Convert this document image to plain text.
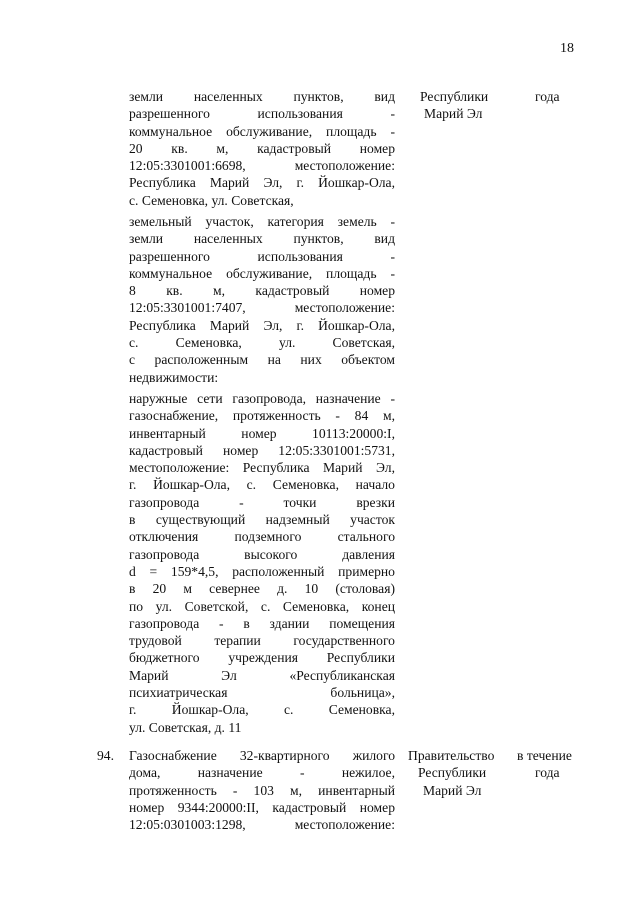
18
земли населенных пунктов, вид
разрешенного использования -
коммунальное обслуживание, площадь -
20 кв. м, кадастровый номер
12:05:3301001:6698, местоположение:
Республика Марий Эл, г. Йошкар-Ола,
с. Семеновка, ул. Советская,
Республики
Марий Эл
года
земельный участок, категория земель -
земли населенных пунктов, вид
разрешенного использования -
коммунальное обслуживание, площадь -
8 кв. м, кадастровый номер
12:05:3301001:7407, местоположение:
Республика Марий Эл, г. Йошкар-Ола,
с. Семеновка, ул. Советская,
с расположенным на них объектом
недвижимости:
наружные сети газопровода, назначение -
газоснабжение, протяженность - 84 м,
инвентарный номер 10113:20000:I,
кадастровый номер 12:05:3301001:5731,
местоположение: Республика Марий Эл,
г. Йошкар-Ола, с. Семеновка, начало
газопровода - точки врезки
в существующий надземный участок
отключения подземного стального
газопровода высокого давления
d = 159*4,5, расположенный примерно
в 20 м севернее д. 10 (столовая)
по ул. Советской, с. Семеновка, конец
газопровода - в здании помещения
трудовой терапии государственного
бюджетного учреждения Республики
Марий Эл «Республиканская
психиатрическая больница»,
г. Йошкар-Ола, с. Семеновка,
ул. Советская, д. 11
94. Газоснабжение 32-квартирного жилого
дома, назначение - нежилое,
протяженность - 103 м, инвентарный
номер 9344:20000:II, кадастровый номер
12:05:0301003:1298, местоположение:
Правительство
Республики
Марий Эл
в течение
года
